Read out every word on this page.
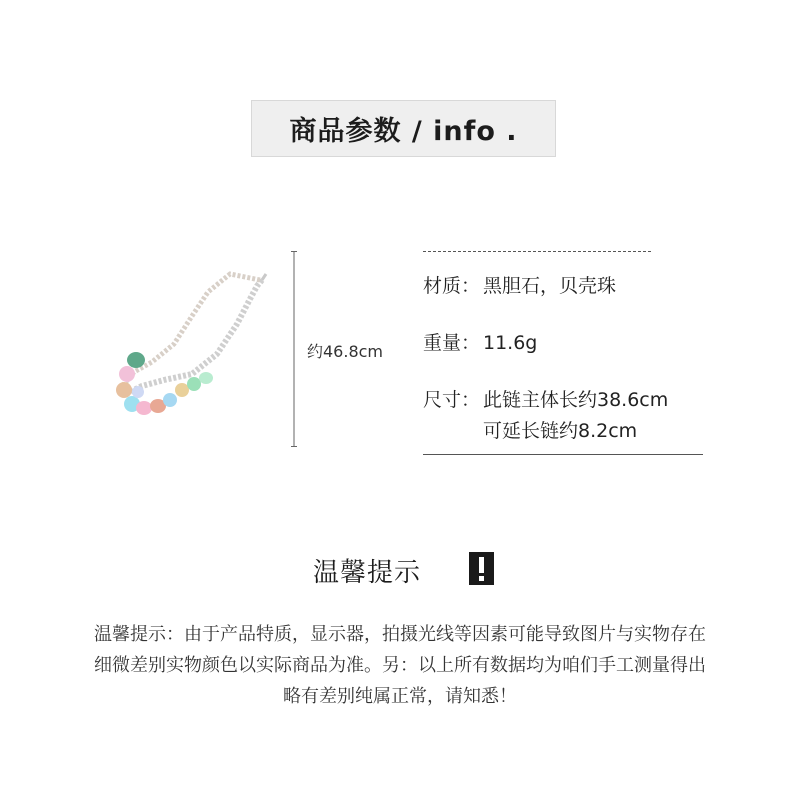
商品参数 / info .
约46.8cm
材质： 黑胆石，贝壳珠
重量： 11.6g
尺寸： 此链主体长约38.6cm
可延长链约8.2cm
温馨提示
温馨提示：由于产品特质，显示器，拍摄光线等因素可能导致图片与实物存在
细微差别实物颜色以实际商品为准。另：以上所有数据均为咱们手工测量得出
略有差别纯属正常，请知悉！
